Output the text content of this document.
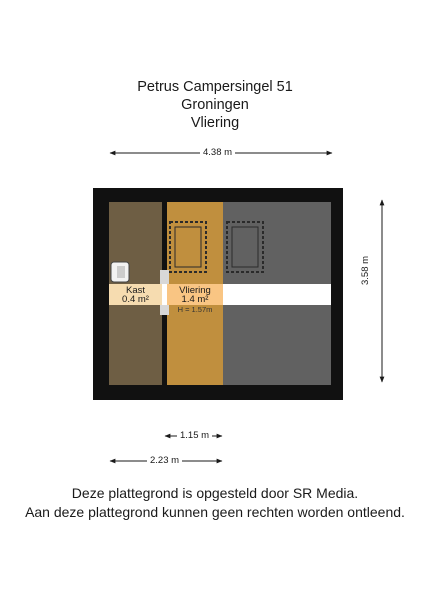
Petrus Campersingel 51
Groningen
Vliering
4.38 m
3.58 m
1.15 m
2.23 m
Kast
0.4 m²
Vliering
1.4 m²
H = 1.57m
Deze plattegrond is opgesteld door SR Media.
Aan deze plattegrond kunnen geen rechten worden ontleend.
